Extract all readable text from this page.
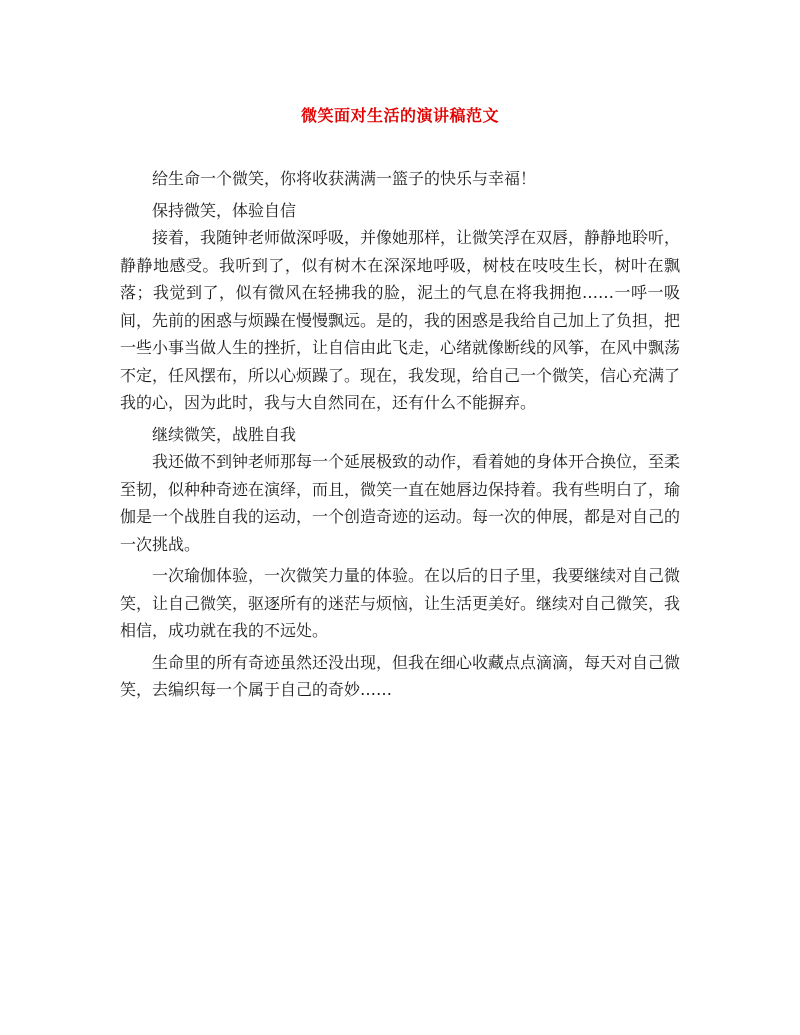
微笑面对生活的演讲稿范文

给生命一个微笑，你将收获满满一篮子的快乐与幸福！

保持微笑，体验自信

接着，我随钟老师做深呼吸，并像她那样，让微笑浮在双唇，静静地聆听，静静地感受。我听到了，似有树木在深深地呼吸，树枝在吱吱生长，树叶在飘落；我觉到了，似有微风在轻拂我的脸，泥土的气息在将我拥抱……一呼一吸间，先前的困惑与烦躁在慢慢飘远。是的，我的困惑是我给自己加上了负担，把一些小事当做人生的挫折，让自信由此飞走，心绪就像断线的风筝，在风中飘荡不定，任风摆布，所以心烦躁了。现在，我发现，给自己一个微笑，信心充满了我的心，因为此时，我与大自然同在，还有什么不能摒弃。

继续微笑，战胜自我

我还做不到钟老师那每一个延展极致的动作，看着她的身体开合换位，至柔至韧，似种种奇迹在演绎，而且，微笑一直在她唇边保持着。我有些明白了，瑜伽是一个战胜自我的运动，一个创造奇迹的运动。每一次的伸展，都是对自己的一次挑战。

一次瑜伽体验，一次微笑力量的体验。在以后的日子里，我要继续对自己微笑，让自己微笑，驱逐所有的迷茫与烦恼，让生活更美好。继续对自己微笑，我相信，成功就在我的不远处。

生命里的所有奇迹虽然还没出现，但我在细心收藏点点滴滴，每天对自己微笑，去编织每一个属于自己的奇妙……
